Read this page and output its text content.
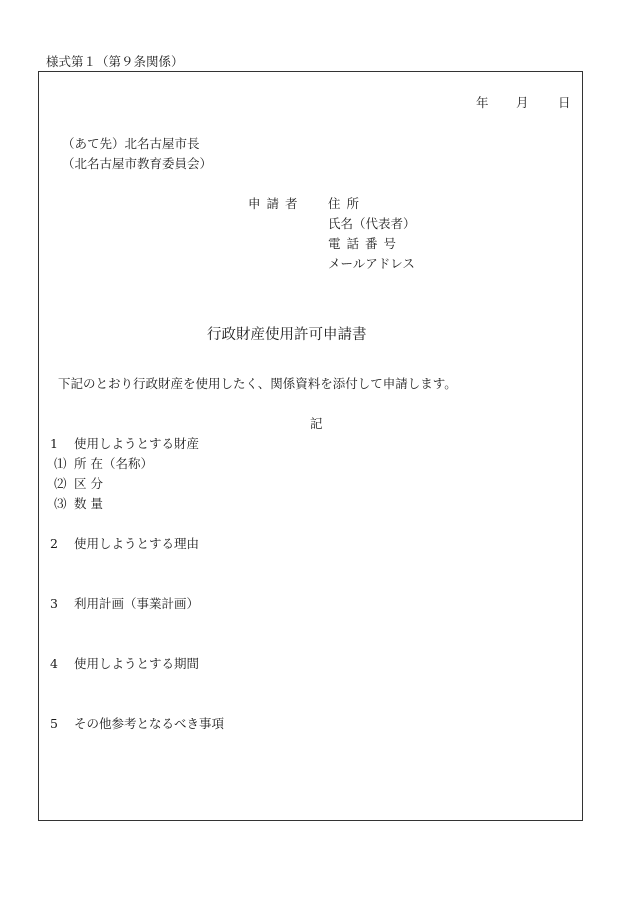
様式第１（第９条関係）
年 月 日
（あて先）北名古屋市長
（北名古屋市教育委員会）
申請者 住所
氏名（代表者）
電話番号
メールアドレス
行政財産使用許可申請書
下記のとおり行政財産を使用したく、関係資料を添付して申請します。
記
1 使用しようとする財産
⑴ 所 在（名称）
⑵ 区 分
⑶ 数 量
2 使用しようとする理由
3 利用計画（事業計画）
4 使用しようとする期間
5 その他参考となるべき事項
